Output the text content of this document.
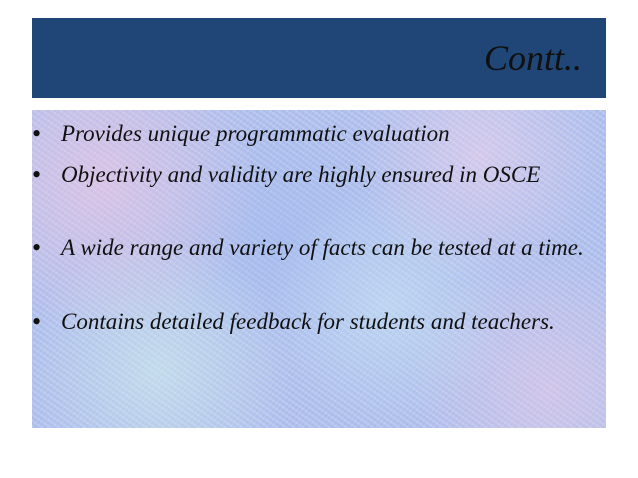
Contt..
• Provides unique programmatic evaluation
• Objectivity and validity are highly ensured in OSCE
• A wide range and variety of facts can be tested at a time.
• Contains detailed feedback for students and teachers.
